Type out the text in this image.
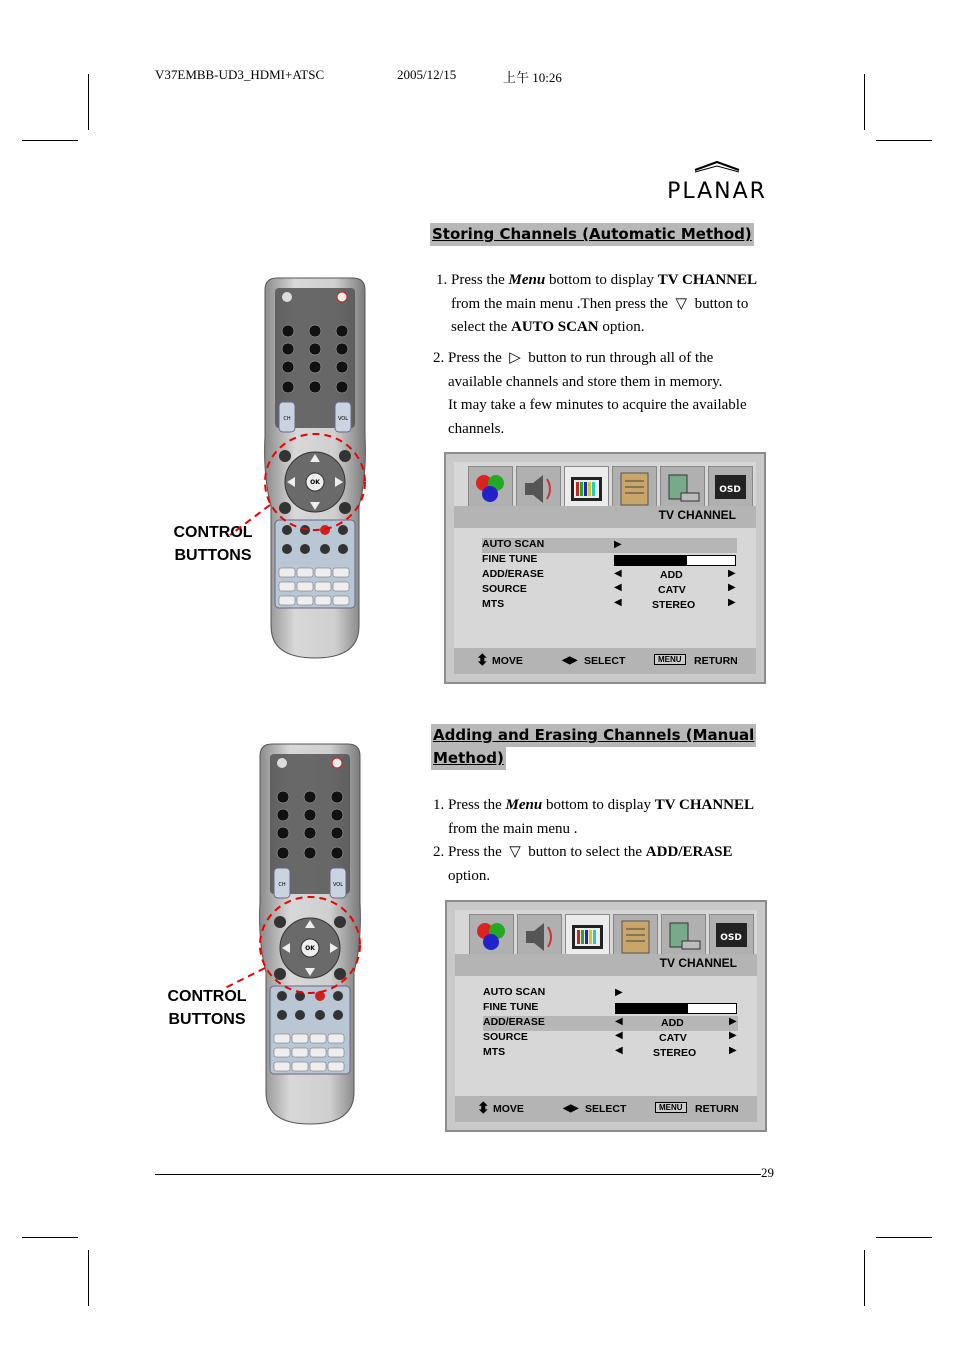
V37EMBB-UD3_HDMI+ATSC	2005/12/15	上午 10:26
PLANAR
Storing Channels (Automatic Method)
1. Press the Menu bottom to display TV CHANNEL
from the main menu .Then press the ▽ button to
select the AUTO SCAN option.
2. Press the ▷ button to run through all of the
available channels and store them in memory.
It may take a few minutes to acquire the available
channels.
OSD
TV CHANNEL
AUTO SCAN	▶
FINE TUNE
ADD/ERASE	◀	ADD	▶
SOURCE	◀	CATV	▶
MTS	◀	STEREO	▶
⬍ MOVE	◀▶ SELECT	MENU	RETURN
Adding and Erasing Channels (Manual
Method)
1. Press the Menu bottom to display TV CHANNEL
from the main menu .
2. Press the ▽ button to select the ADD/ERASE
option.
OSD
TV CHANNEL
AUTO SCAN	▶
FINE TUNE
ADD/ERASE	◀	ADD	▶
SOURCE	◀	CATV	▶
MTS	◀	STEREO	▶
⬍ MOVE	◀▶ SELECT	MENU	RETURN
CONTROL
BUTTONS
CONTROL
BUTTONS
CH	VOL
OK
CH	VOL
OK
29
